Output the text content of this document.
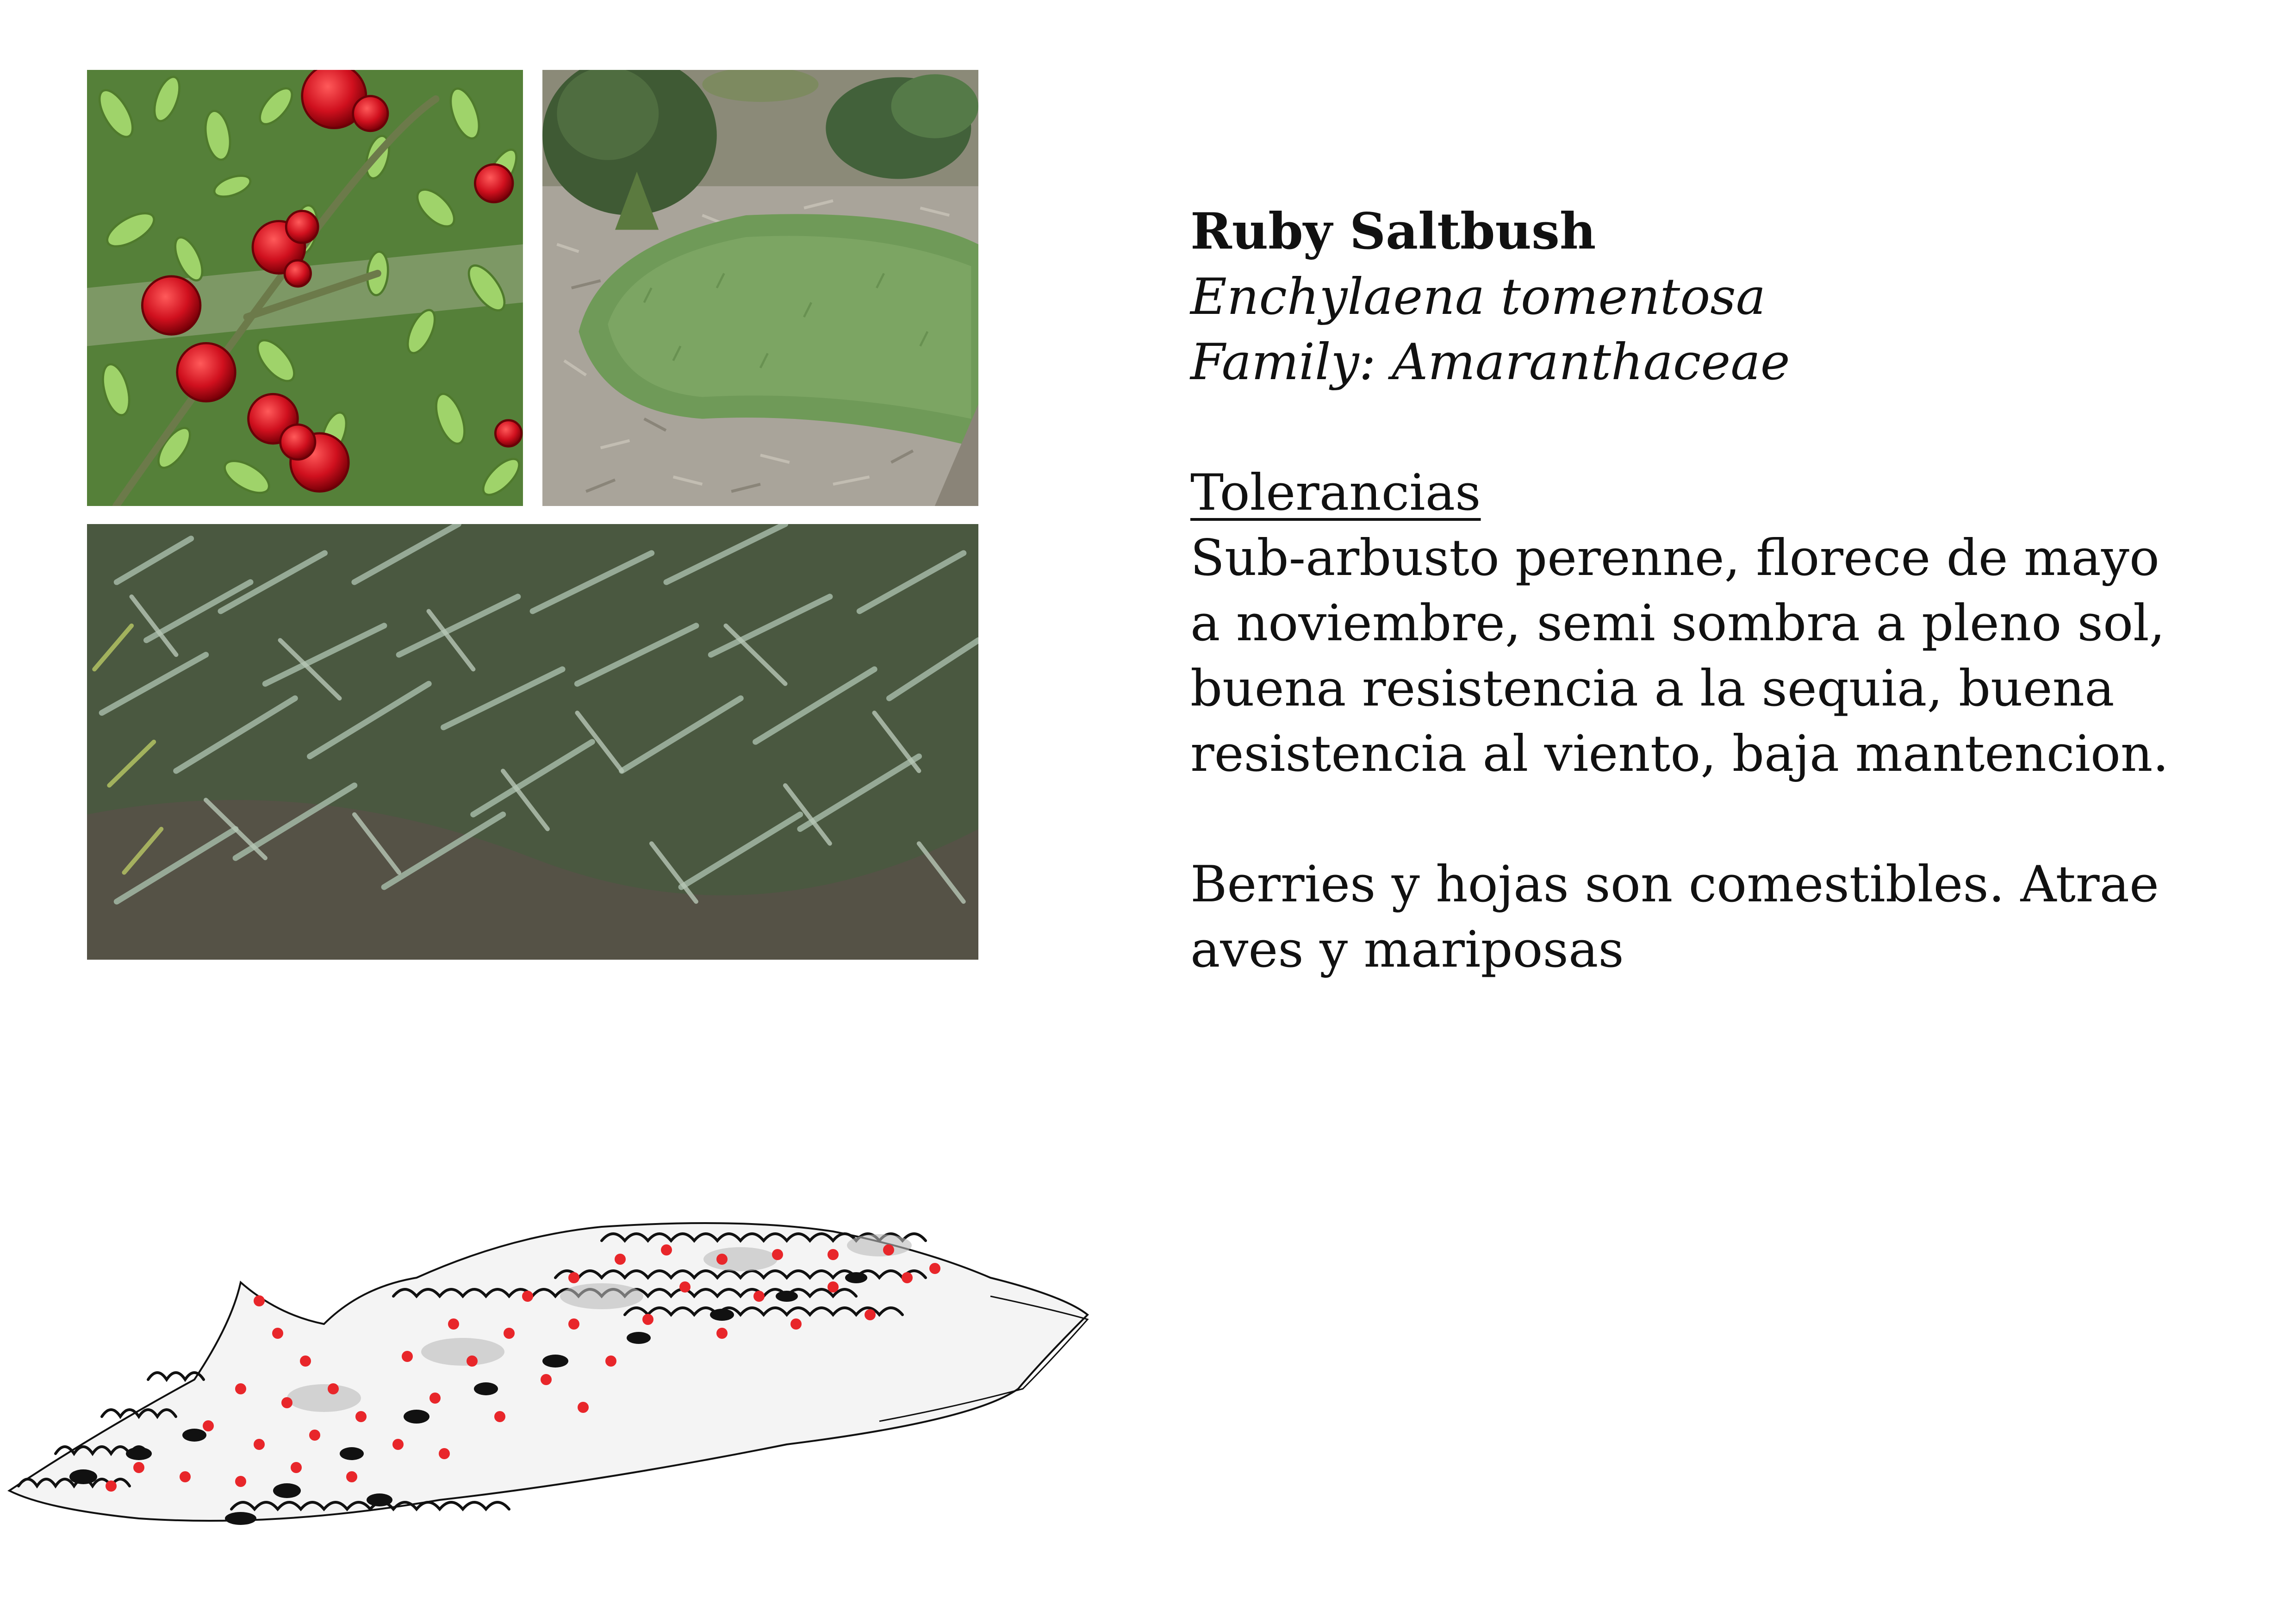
Ruby Saltbush

Enchylaena tomentosa

Family: Amaranthaceae

Tolerancias

Sub-arbusto perenne, florece de mayo

a noviembre, semi sombra a pleno sol,

buena resistencia a la sequia, buena

resistencia al viento, baja mantencion.

Berries y hojas son comestibles. Atrae

aves y mariposas
